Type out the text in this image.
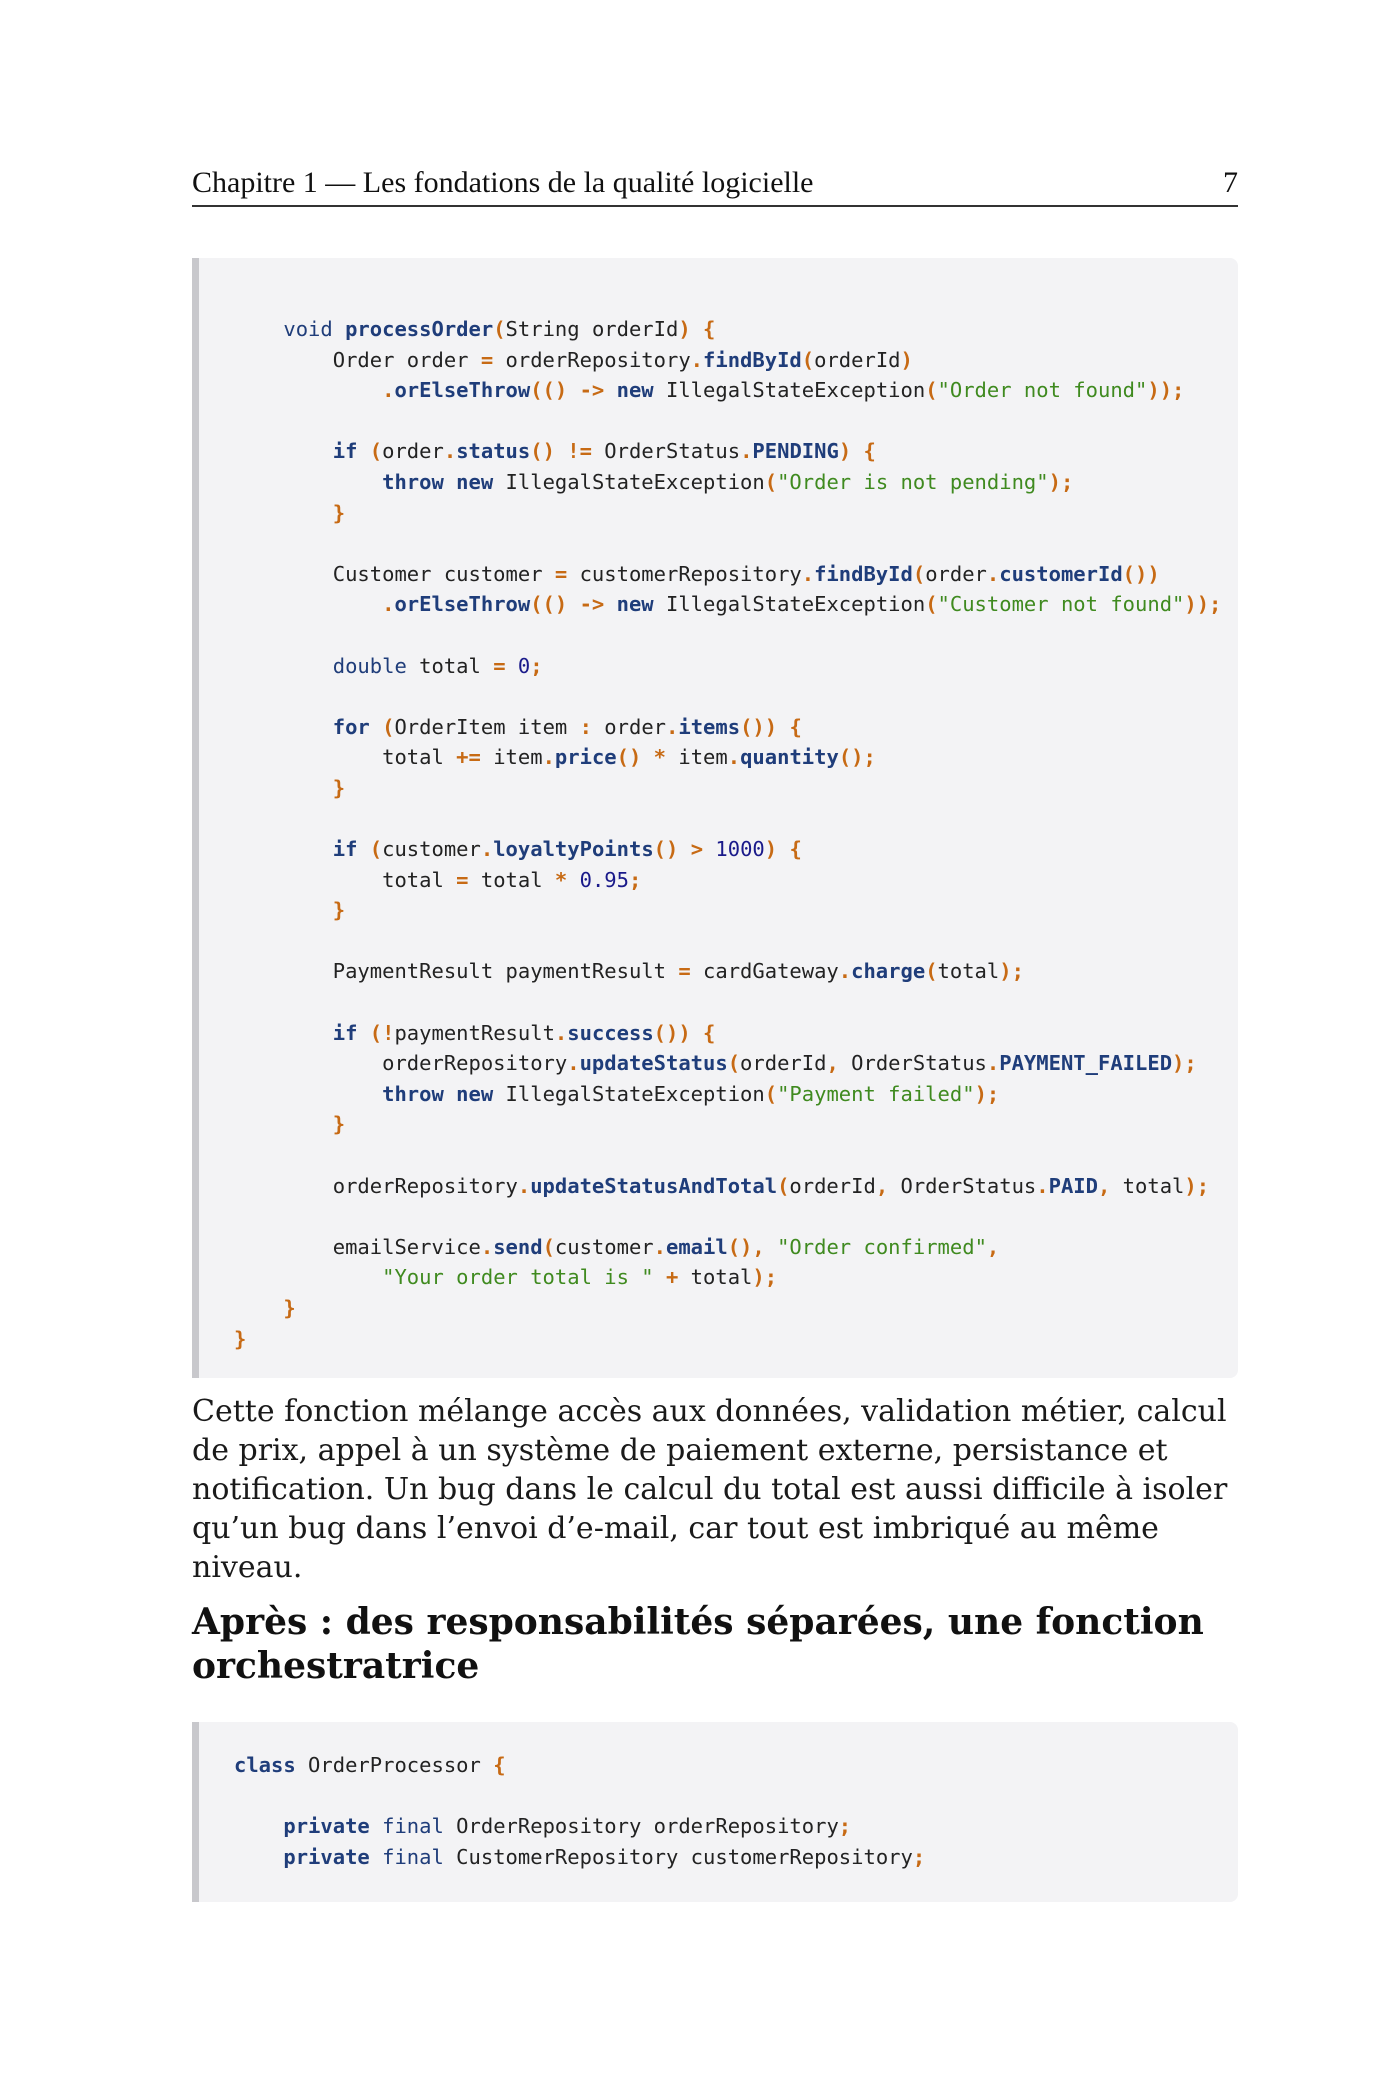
Chapitre 1 — Les fondations de la qualité logicielle	7
void processOrder(String orderId) {
Order order = orderRepository.findById(orderId)
.orElseThrow(() -> new IllegalStateException("Order not found"));
if (order.status() != OrderStatus.PENDING) {
throw new IllegalStateException("Order is not pending");
}
Customer customer = customerRepository.findById(order.customerId())
.orElseThrow(() -> new IllegalStateException("Customer not found"));
double total = 0;
for (OrderItem item : order.items()) {
total += item.price() * item.quantity();
}
if (customer.loyaltyPoints() > 1000) {
total = total * 0.95;
}
PaymentResult paymentResult = cardGateway.charge(total);
if (!paymentResult.success()) {
orderRepository.updateStatus(orderId, OrderStatus.PAYMENT_FAILED);
throw new IllegalStateException("Payment failed");
}
orderRepository.updateStatusAndTotal(orderId, OrderStatus.PAID, total);
emailService.send(customer.email(), "Order confirmed",
"Your order total is " + total);
}
}

Cette fonction mélange accès aux données, validation métier, calcul de prix, appel à un système de paiement externe, persistance et notification. Un bug dans le calcul du total est aussi difficile à isoler qu’un bug dans l’envoi d’e-mail, car tout est imbriqué au même niveau.

Après : des responsabilités séparées, une fonction orchestratrice
class OrderProcessor {
private final OrderRepository orderRepository;
private final CustomerRepository customerRepository;
